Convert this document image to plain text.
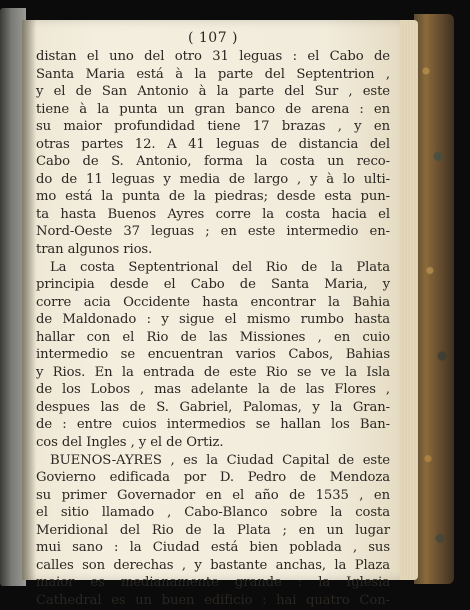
( 107 )
distan el uno del otro 31 leguas : el Cabo de
Santa Maria está à la parte del Septentrion ,
y el de San Antonio à la parte del Sur , este
tiene à la punta un gran banco de arena : en
su maior profundidad tiene 17 brazas , y en
otras partes 12. A 41 leguas de distancia del
Cabo de S. Antonio, forma la costa un reco-
do de 11 leguas y media de largo , y à lo ulti-
mo está la punta de la piedras; desde esta pun-
ta hasta Buenos Ayres corre la costa hacia el
Nord-Oeste 37 leguas ; en este intermedio en-
tran algunos rios.
La costa Septentrional del Rio de la Plata
principia desde el Cabo de Santa Maria, y
corre acia Occidente hasta encontrar la Bahia
de Maldonado : y sigue el mismo rumbo hasta
hallar con el Rio de las Missiones , en cuio
intermedio se encuentran varios Cabos, Bahias
y Rios. En la entrada de este Rio se ve la Isla
de los Lobos , mas adelante la de las Flores ,
despues las de S. Gabriel, Palomas, y la Gran-
de : entre cuios intermedios se hallan los Ban-
cos del Ingles , y el de Ortiz.
BUENOS-AYRES , es la Ciudad Capital de este
Govierno edificada por D. Pedro de Mendoza
su primer Governador en el año de 1535 , en
el sitio llamado , Cabo-Blanco sobre la costa
Meridional del Rio de la Plata ; en un lugar
mui sano : la Ciudad está bien poblada , sus
calles son derechas , y bastante anchas, la Plaza
maior es medianamente grande : la Iglesia
Cathedral es un buen edificio : hai quatro Con-
